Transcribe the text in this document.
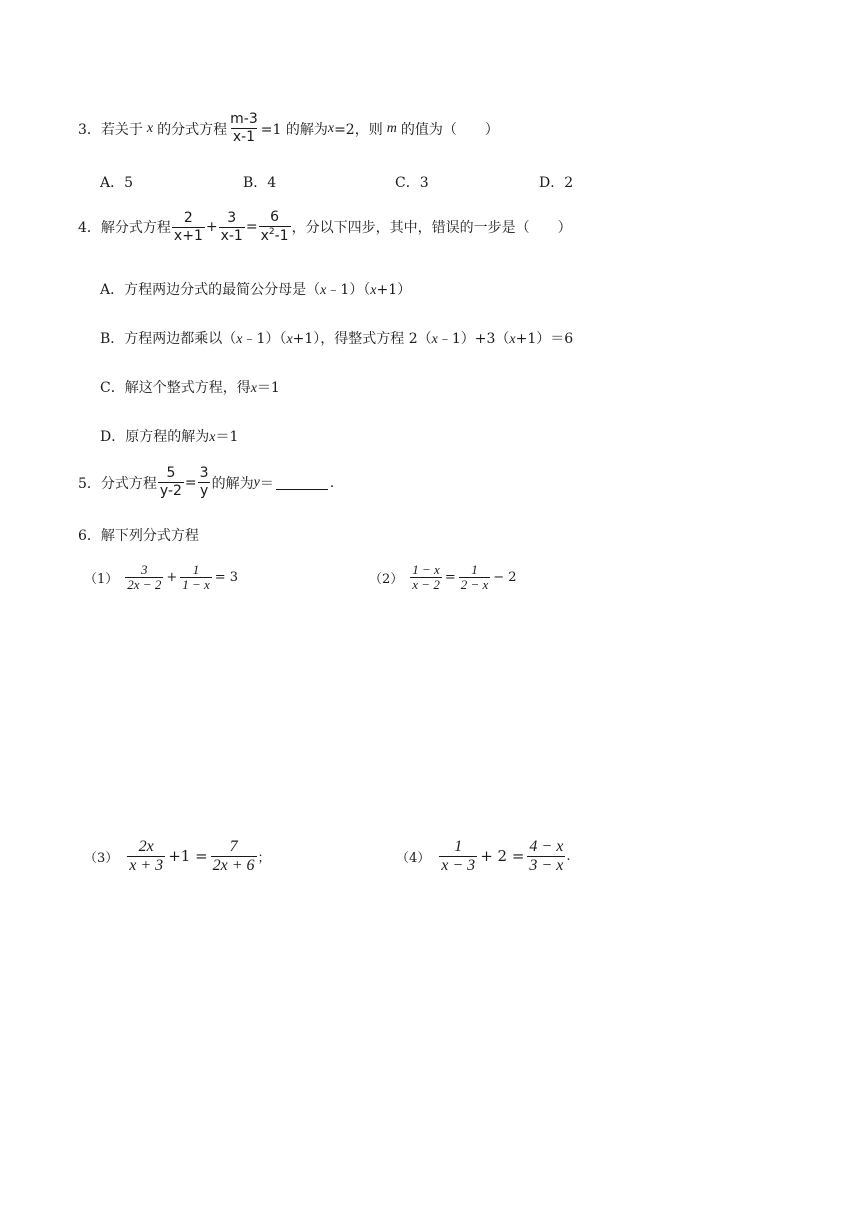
3． 若关于 x 的分式方程 $\frac{m-3}{x-1} =1$ 的解为 x =2，则 m 的值为（　　）
A．5	B．4	C．3	D．2
4． 解分式方程 $\frac{2}{x+1} + \frac{3}{x-1} = \frac{6}{x^2-1}$ ，分以下四步，其中，错误的一步是（　　）
A．方程两边分式的最简公分母是（x﹣1）（x+1）
B．方程两边都乘以（x﹣1）（x+1），得整式方程 2（x﹣1）+3（x+1）＝6
C．解这个整式方程，得x＝1
D．原方程的解为x＝1
5． 分式方程 $\frac{5}{y-2} = \frac{3}{y}$ 的解为 y ＝	.
6．解下列分式方程
$(1) \frac{3}{2x - 2} + \frac{1}{1 - x} = 3$	$(2) \frac{1 - x}{x - 2} = \frac{1}{2 - x} - 2$
$(3) \frac{2x}{x + 3} +1 = \frac{7}{2x + 6}$ ；	$(4) \frac{1}{x - 3} + 2 = \frac{4 - x}{3 - x}$ .
